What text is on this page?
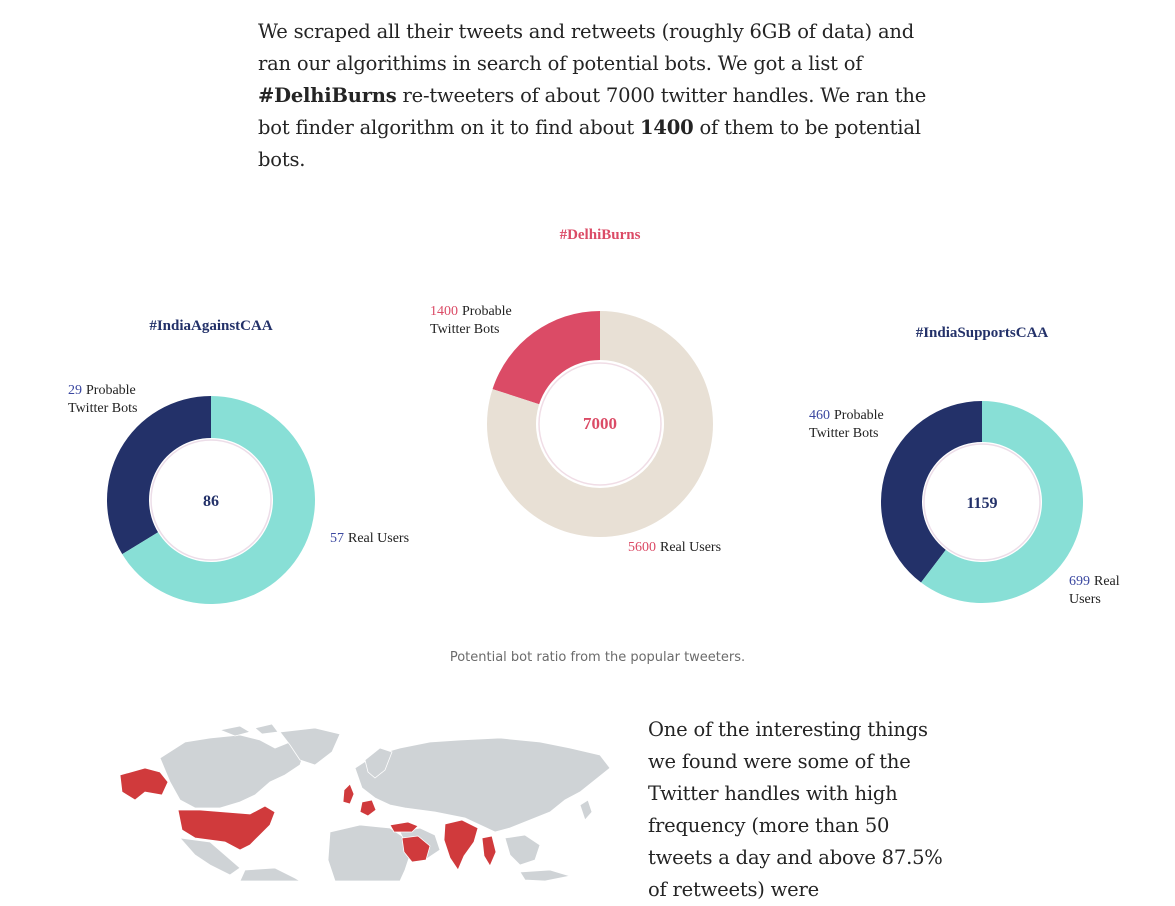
We scraped all their tweets and retweets (roughly 6GB of data) and ran our algorithims in search of potential bots. We got a list of #DelhiBurns re-tweeters of about 7000 twitter handles. We ran the bot finder algorithm on it to find about 1400 of them to be potential bots.
#IndiaAgainstCAA
86
29 Probable Twitter Bots
57 Real Users
#DelhiBurns
7000
1400 Probable Twitter Bots
5600 Real Users
#IndiaSupportsCAA
1159
460 Probable Twitter Bots
699 Real Users
Potential bot ratio from the popular tweeters.
One of the interesting things we found were some of the Twitter handles with high frequency (more than 50 tweets a day and above 87.5% of retweets) were
